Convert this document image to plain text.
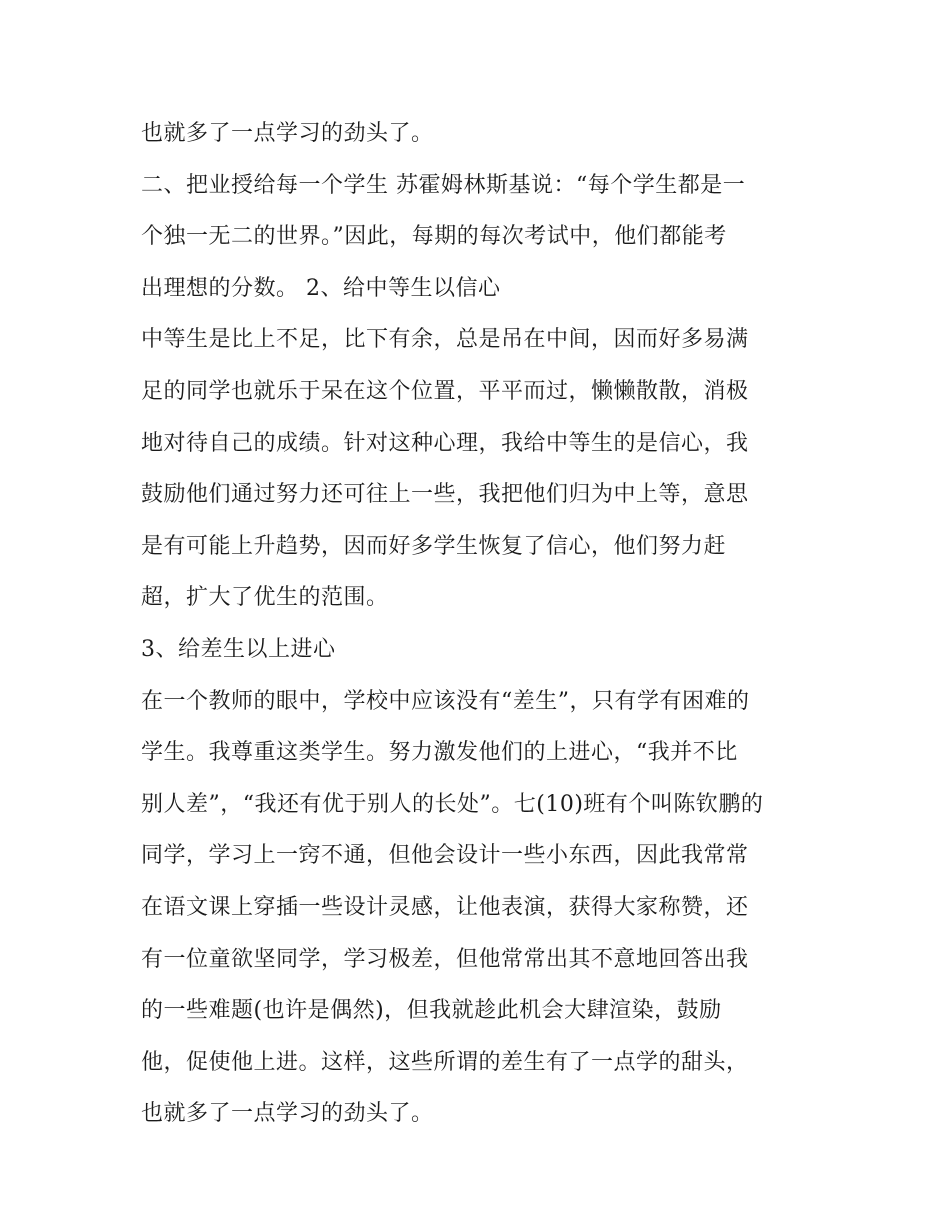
也就多了一点学习的劲头了。
二、把业授给每一个学生 苏霍姆林斯基说：“每个学生都是一
个独一无二的世界。”因此，每期的每次考试中，他们都能考
出理想的分数。 2、给中等生以信心
中等生是比上不足，比下有余，总是吊在中间，因而好多易满
足的同学也就乐于呆在这个位置，平平而过，懒懒散散，消极
地对待自己的成绩。针对这种心理，我给中等生的是信心，我
鼓励他们通过努力还可往上一些，我把他们归为中上等，意思
是有可能上升趋势，因而好多学生恢复了信心，他们努力赶
超，扩大了优生的范围。
3、给差生以上进心
在一个教师的眼中，学校中应该没有“差生”，只有学有困难的
学生。我尊重这类学生。努力激发他们的上进心，“我并不比
别人差”，“我还有优于别人的长处”。七(10)班有个叫陈钦鹏的
同学，学习上一窍不通，但他会设计一些小东西，因此我常常
在语文课上穿插一些设计灵感，让他表演，获得大家称赞，还
有一位童欲坚同学，学习极差，但他常常出其不意地回答出我
的一些难题(也许是偶然)，但我就趁此机会大肆渲染，鼓励
他，促使他上进。这样，这些所谓的差生有了一点学的甜头，
也就多了一点学习的劲头了。
